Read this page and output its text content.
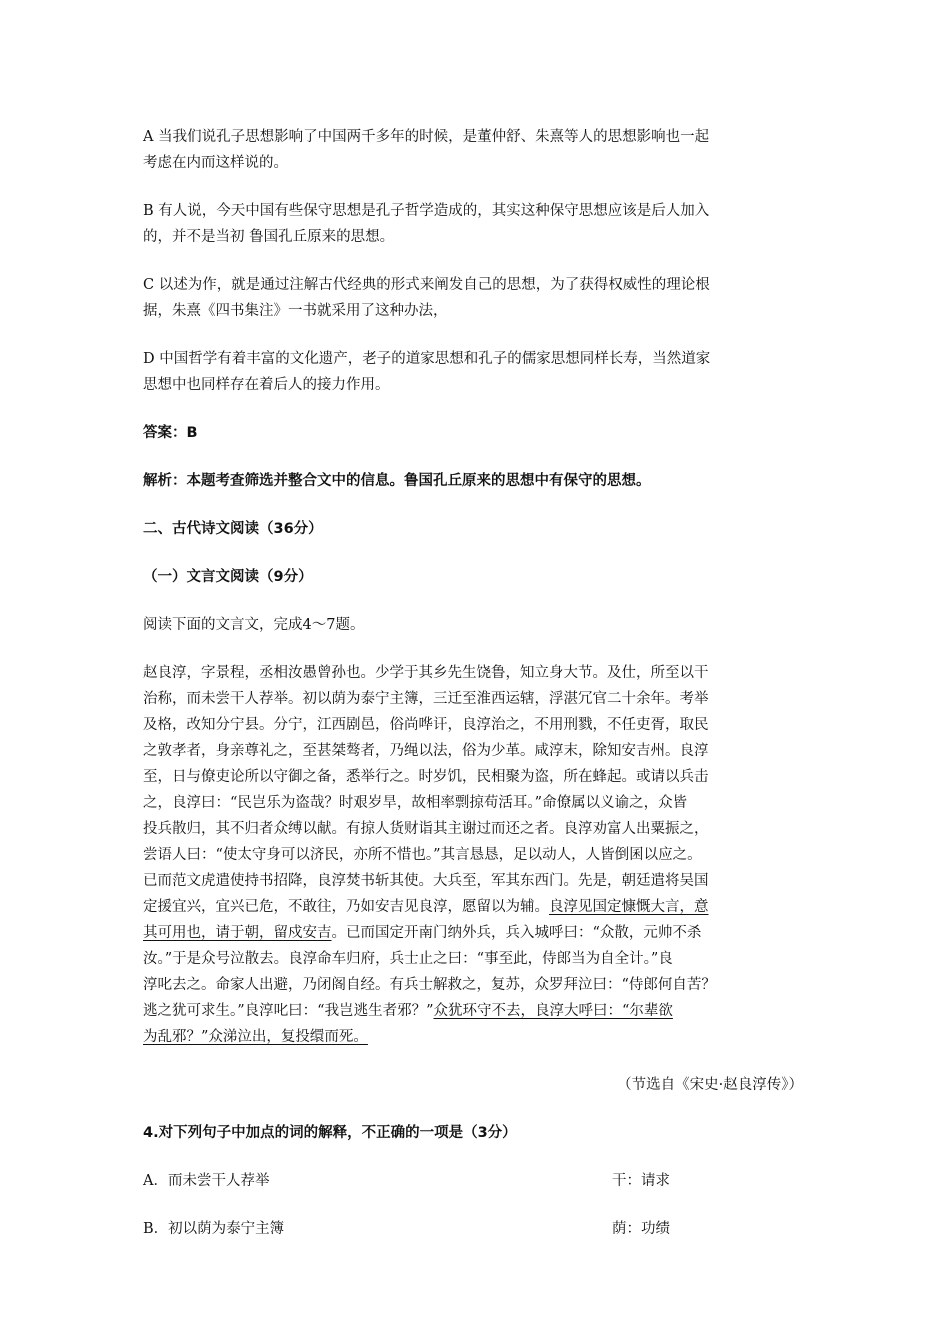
A 当我们说孔子思想影响了中国两千多年的时候，是董仲舒、朱熹等人的思想影响也一起
考虑在内而这样说的。

B 有人说，今天中国有些保守思想是孔子哲学造成的，其实这种保守思想应该是后人加入
的，并不是当初 鲁国孔丘原来的思想。

C 以述为作，就是通过注解古代经典的形式来阐发自己的思想，为了获得权威性的理论根
据，朱熹《四书集注》一书就采用了这种办法，

D 中国哲学有着丰富的文化遗产，老子的道家思想和孔子的儒家思想同样长寿，当然道家
思想中也同样存在着后人的接力作用。

答案：B

解析：本题考查筛选并整合文中的信息。鲁国孔丘原来的思想中有保守的思想。

二、古代诗文阅读（36分）

（一）文言文阅读（9分）

阅读下面的文言文，完成4～7题。

赵良淳，字景程，丞相汝愚曾孙也。少学于其乡先生饶鲁，知立身大节。及仕，所至以干
治称，而未尝干人荐举。初以荫为泰宁主簿，三迁至淮西运辖，浮湛冗官二十余年。考举
及格，改知分宁县。分宁，江西剧邑，俗尚哗讦，良淳治之，不用刑戮，不任吏胥，取民
之敦孝者，身亲尊礼之，至甚桀骜者，乃绳以法，俗为少革。咸淳末，除知安吉州。良淳
至，日与僚吏论所以守御之备，悉举行之。时岁饥，民相聚为盗，所在蜂起。或请以兵击
之，良淳曰：“民岂乐为盗哉？时艰岁旱，故相率剽掠苟活耳。”命僚属以义谕之，众皆
投兵散归，其不归者众缚以献。有掠人货财诣其主谢过而还之者。良淳劝富人出粟振之，
尝语人曰：“使太守身可以济民，亦所不惜也。”其言恳恳，足以动人，人皆倒囷以应之。
已而范文虎遣使持书招降，良淳焚书斩其使。大兵至，军其东西门。先是，朝廷遣将吴国
定援宜兴，宜兴已危，不敢往，乃如安吉见良淳，愿留以为辅。良淳见国定慷慨大言，意
其可用也，请于朝，留戍安吉。已而国定开南门纳外兵，兵入城呼曰：“众散，元帅不杀
汝。”于是众号泣散去。良淳命车归府，兵士止之曰：“事至此，侍郎当为自全计。”良
淳叱去之。命家人出避，乃闭阁自经。有兵士解救之，复苏，众罗拜泣曰：“侍郎何自苦？
逃之犹可求生。”良淳叱曰：“我岂逃生者邪？”众犹环守不去，良淳大呼曰：“尔辈欲
为乱邪？”众涕泣出，复投缳而死。

（节选自《宋史·赵良淳传》）

4.对下列句子中加点的词的解释，不正确的一项是（3分）

A．而未尝干人荐举	干：请求

B．初以荫为泰宁主簿	荫：功绩
